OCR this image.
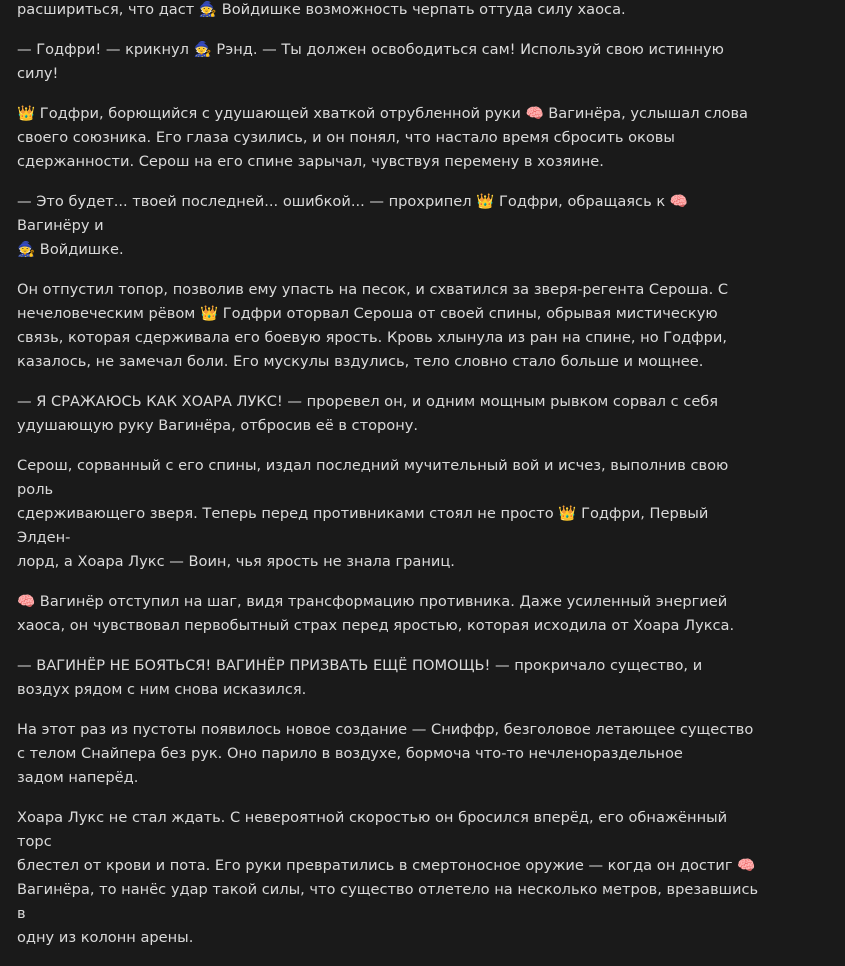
расшириться, что даст 🧙 Войдишке возможность черпать оттуда силу хаоса.

— Годфри! — крикнул 🧙 Рэнд. — Ты должен освободиться сам! Используй свою истинную силу!

👑 Годфри, борющийся с удушающей хваткой отрубленной руки 🧠 Вагинёра, услышал слова
своего союзника. Его глаза сузились, и он понял, что настало время сбросить оковы
сдержанности. Серош на его спине зарычал, чувствуя перемену в хозяине.

— Это будет... твоей последней... ошибкой... — прохрипел 👑 Годфри, обращаясь к 🧠 Вагинёру и
🧙 Войдишке.

Он отпустил топор, позволив ему упасть на песок, и схватился за зверя-регента Сероша. С
нечеловеческим рёвом 👑 Годфри оторвал Сероша от своей спины, обрывая мистическую
связь, которая сдерживала его боевую ярость. Кровь хлынула из ран на спине, но Годфри,
казалось, не замечал боли. Его мускулы вздулись, тело словно стало больше и мощнее.

— Я СРАЖАЮСЬ КАК ХОАРА ЛУКС! — проревел он, и одним мощным рывком сорвал с себя
удушающую руку Вагинёра, отбросив её в сторону.

Серош, сорванный с его спины, издал последний мучительный вой и исчез, выполнив свою роль
сдерживающего зверя. Теперь перед противниками стоял не просто 👑 Годфри, Первый Элден-
лорд, а Хоара Лукс — Воин, чья ярость не знала границ.

🧠 Вагинёр отступил на шаг, видя трансформацию противника. Даже усиленный энергией
хаоса, он чувствовал первобытный страх перед яростью, которая исходила от Хоара Лукса.

— ВАГИНЁР НЕ БОЯТЬСЯ! ВАГИНЁР ПРИЗВАТЬ ЕЩЁ ПОМОЩЬ! — прокричало существо, и
воздух рядом с ним снова исказился.

На этот раз из пустоты появилось новое создание — Сниффр, безголовое летающее существо
с телом Снайпера без рук. Оно парило в воздухе, бормоча что-то нечленораздельное
задом наперёд.

Хоара Лукс не стал ждать. С невероятной скоростью он бросился вперёд, его обнажённый торс
блестел от крови и пота. Его руки превратились в смертоносное оружие — когда он достиг 🧠
Вагинёра, то нанёс удар такой силы, что существо отлетело на несколько метров, врезавшись в
одну из колонн арены.
